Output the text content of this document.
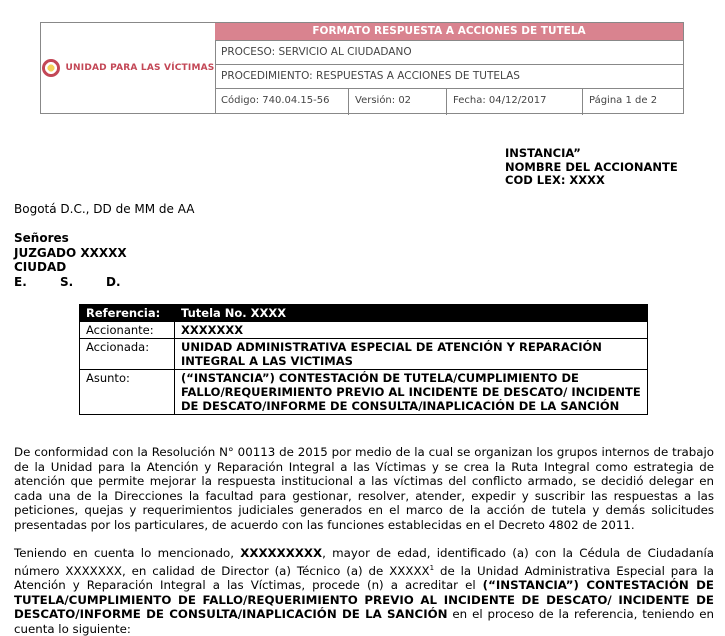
UNIDAD PARA LAS VÍCTIMAS
FORMATO RESPUESTA A ACCIONES DE TUTELA
PROCESO: SERVICIO AL CIUDADANO
PROCEDIMIENTO: RESPUESTAS A ACCIONES DE TUTELAS
Código: 740.04.15-56	Versión: 02	Fecha: 04/12/2017	Página 1 de 2
INSTANCIA”
NOMBRE DEL ACCIONANTE
COD LEX: XXXX
Bogotá D.C., DD de MM de AA
Señores
JUZGADO XXXXX
CIUDAD
E.	S.	D.
Referencia:	Tutela No. XXXX
Accionante:	XXXXXXX
Accionada:	UNIDAD ADMINISTRATIVA ESPECIAL DE ATENCIÓN Y REPARACIÓN INTEGRAL A LAS VICTIMAS
Asunto:	(“INSTANCIA”) CONTESTACIÓN DE TUTELA/CUMPLIMIENTO DE FALLO/REQUERIMIENTO PREVIO AL INCIDENTE DE DESCATO/ INCIDENTE DE DESCATO/INFORME DE CONSULTA/INAPLICACIÓN DE LA SANCIÓN
De conformidad con la Resolución N° 00113 de 2015 por medio de la cual se organizan los grupos internos de trabajo de la Unidad para la Atención y Reparación Integral a las Víctimas y se crea la Ruta Integral como estrategia de atención que permite mejorar la respuesta institucional a las víctimas del conflicto armado, se decidió delegar en cada una de la Direcciones la facultad para gestionar, resolver, atender, expedir y suscribir las respuestas a las peticiones, quejas y requerimientos judiciales generados en el marco de la acción de tutela y demás solicitudes presentadas por los particulares, de acuerdo con las funciones establecidas en el Decreto 4802 de 2011.
Teniendo en cuenta lo mencionado, XXXXXXXXX, mayor de edad, identificado (a) con la Cédula de Ciudadanía número XXXXXXX, en calidad de Director (a) Técnico (a) de XXXXX$^1$ de la Unidad Administrativa Especial para la Atención y Reparación Integral a las Víctimas, procede (n) a acreditar el (“INSTANCIA”) CONTESTACIÓN DE TUTELA/CUMPLIMIENTO DE FALLO/REQUERIMIENTO PREVIO AL INCIDENTE DE DESCATO/ INCIDENTE DE DESCATO/INFORME DE CONSULTA/INAPLICACIÓN DE LA SANCIÓN en el proceso de la referencia, teniendo en cuenta lo siguiente:
